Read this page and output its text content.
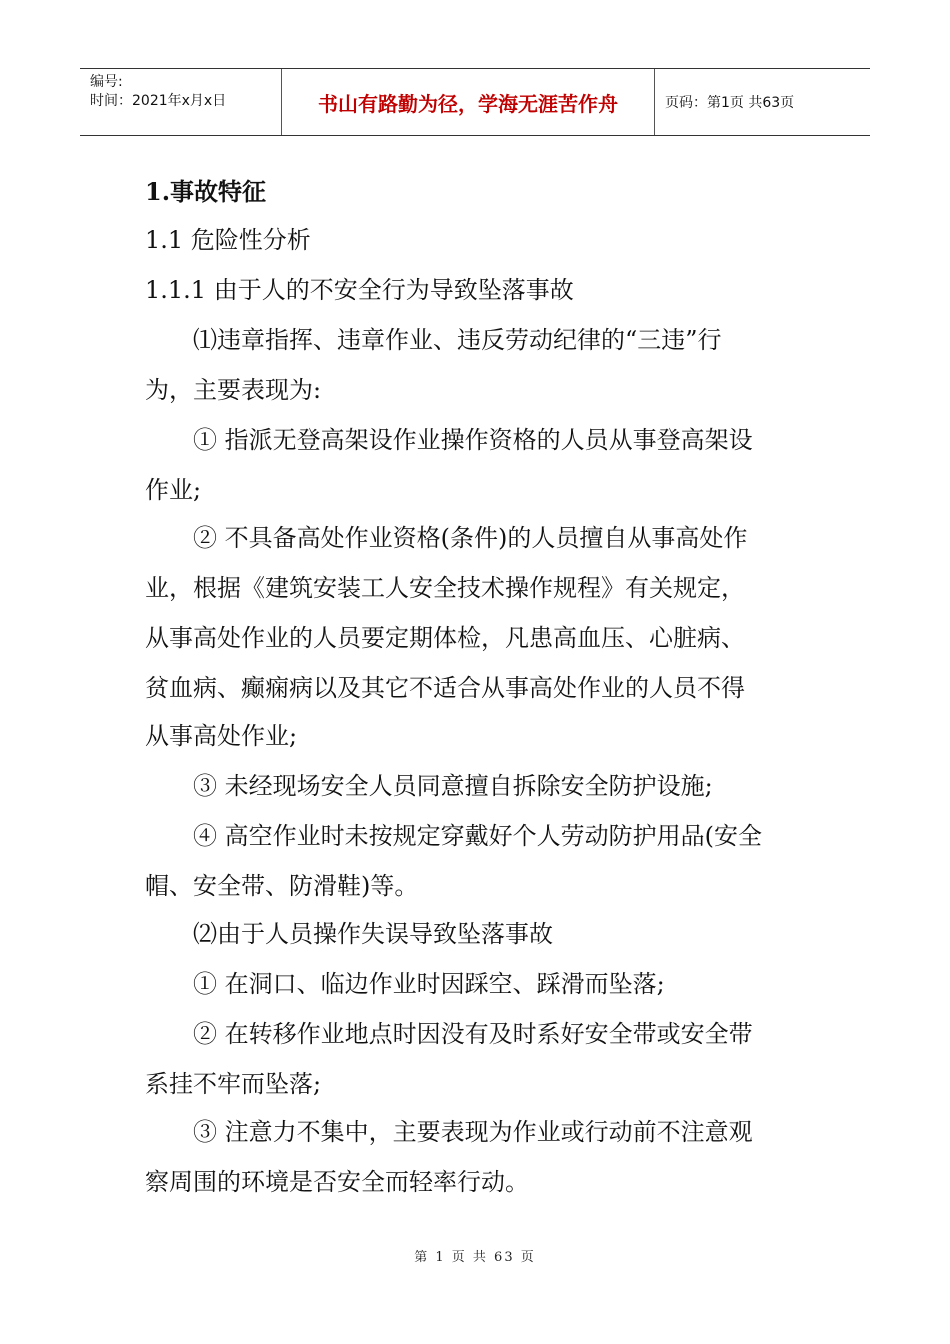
编号:
时间：2021年x月x日	书山有路勤为径，学海无涯苦作舟	页码：第1页 共63页
1.事故特征
1.1 危险性分析
1.1.1 由于人的不安全行为导致坠落事故
⑴违章指挥、违章作业、违反劳动纪律的“三违”行
为，主要表现为:
① 指派无登高架设作业操作资格的人员从事登高架设
作业;
② 不具备高处作业资格(条件)的人员擅自从事高处作
业，根据《建筑安装工人安全技术操作规程》有关规定，
从事高处作业的人员要定期体检，凡患高血压、心脏病、
贫血病、癫痫病以及其它不适合从事高处作业的人员不得
从事高处作业;
③ 未经现场安全人员同意擅自拆除安全防护设施;
④ 高空作业时未按规定穿戴好个人劳动防护用品(安全
帽、安全带、防滑鞋)等。
⑵由于人员操作失误导致坠落事故
① 在洞口、临边作业时因踩空、踩滑而坠落;
② 在转移作业地点时因没有及时系好安全带或安全带
系挂不牢而坠落;
③ 注意力不集中，主要表现为作业或行动前不注意观
察周围的环境是否安全而轻率行动。
第 1 页 共 63 页
